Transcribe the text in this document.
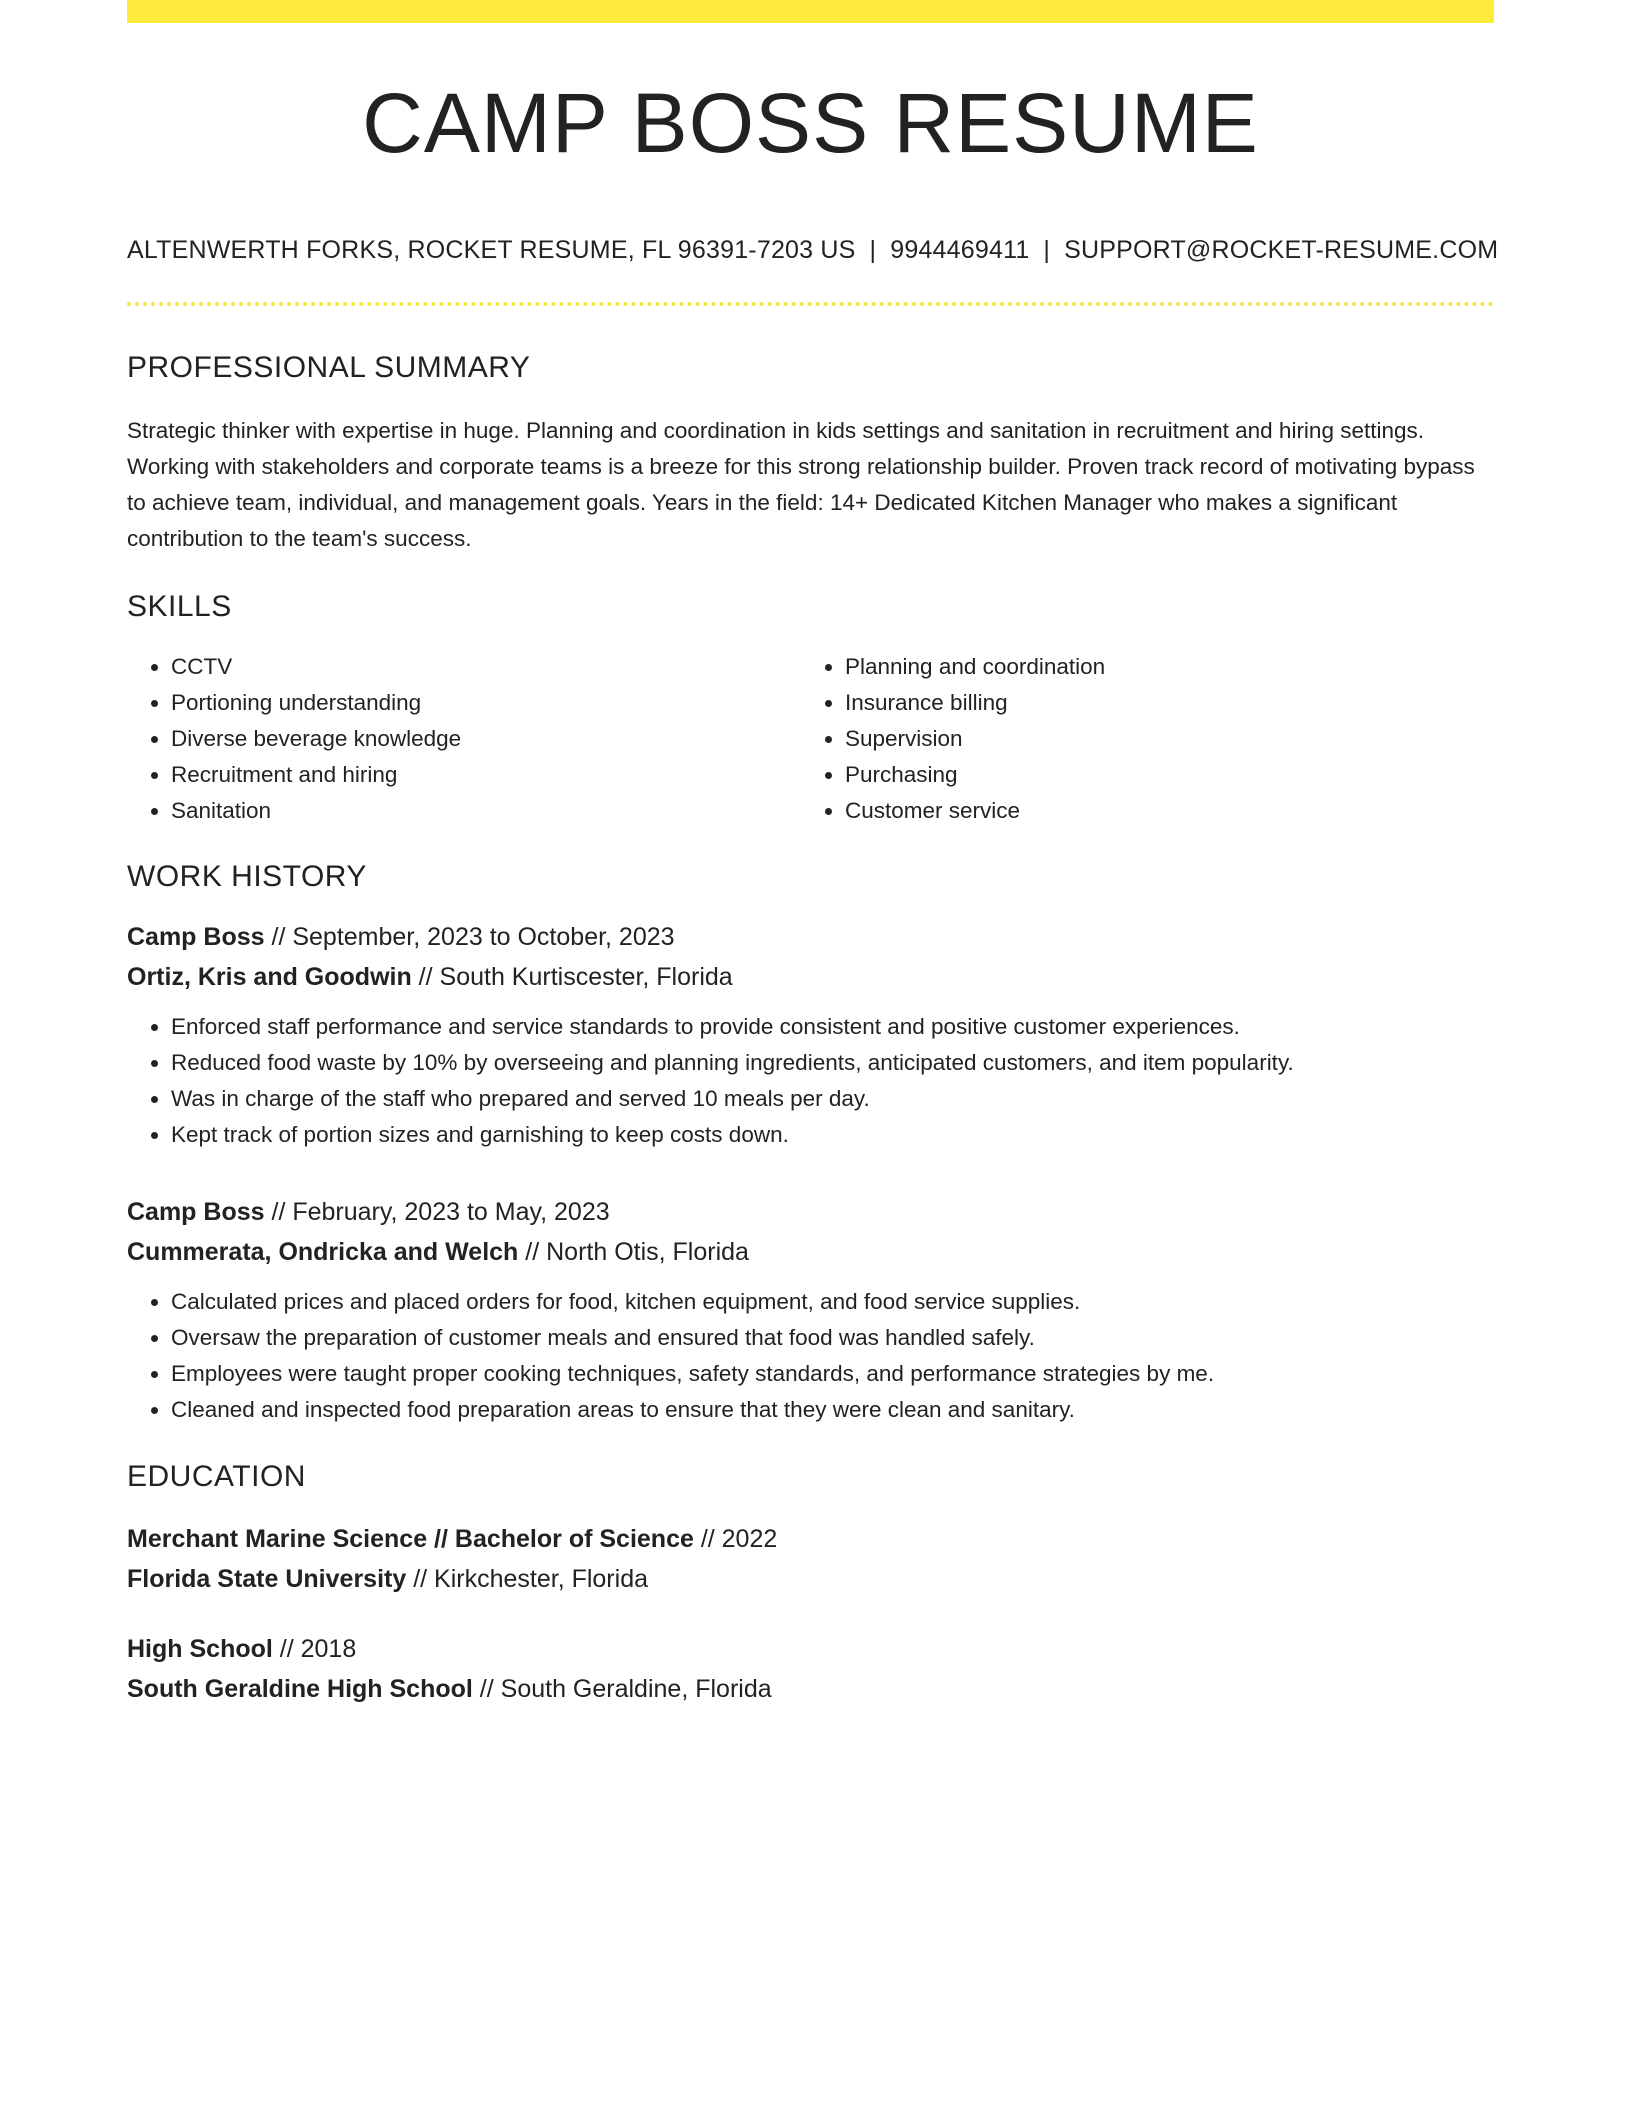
CAMP BOSS RESUME
ALTENWERTH FORKS, ROCKET RESUME, FL 96391-7203 US | 9944469411 | SUPPORT@ROCKET-RESUME.COM
PROFESSIONAL SUMMARY

Strategic thinker with expertise in huge. Planning and coordination in kids settings and sanitation in recruitment and hiring settings. Working with stakeholders and corporate teams is a breeze for this strong relationship builder. Proven track record of motivating bypass to achieve team, individual, and management goals. Years in the field: 14+ Dedicated Kitchen Manager who makes a significant contribution to the team's success.

SKILLS
• CCTV
• Portioning understanding
• Diverse beverage knowledge
• Recruitment and hiring
• Sanitation
• Planning and coordination
• Insurance billing
• Supervision
• Purchasing
• Customer service
WORK HISTORY
Camp Boss // September, 2023 to October, 2023
Ortiz, Kris and Goodwin // South Kurtiscester, Florida
• Enforced staff performance and service standards to provide consistent and positive customer experiences.
• Reduced food waste by 10% by overseeing and planning ingredients, anticipated customers, and item popularity.
• Was in charge of the staff who prepared and served 10 meals per day.
• Kept track of portion sizes and garnishing to keep costs down.
Camp Boss // February, 2023 to May, 2023
Cummerata, Ondricka and Welch // North Otis, Florida
• Calculated prices and placed orders for food, kitchen equipment, and food service supplies.
• Oversaw the preparation of customer meals and ensured that food was handled safely.
• Employees were taught proper cooking techniques, safety standards, and performance strategies by me.
• Cleaned and inspected food preparation areas to ensure that they were clean and sanitary.
EDUCATION
Merchant Marine Science // Bachelor of Science // 2022
Florida State University // Kirkchester, Florida
High School // 2018
South Geraldine High School // South Geraldine, Florida
